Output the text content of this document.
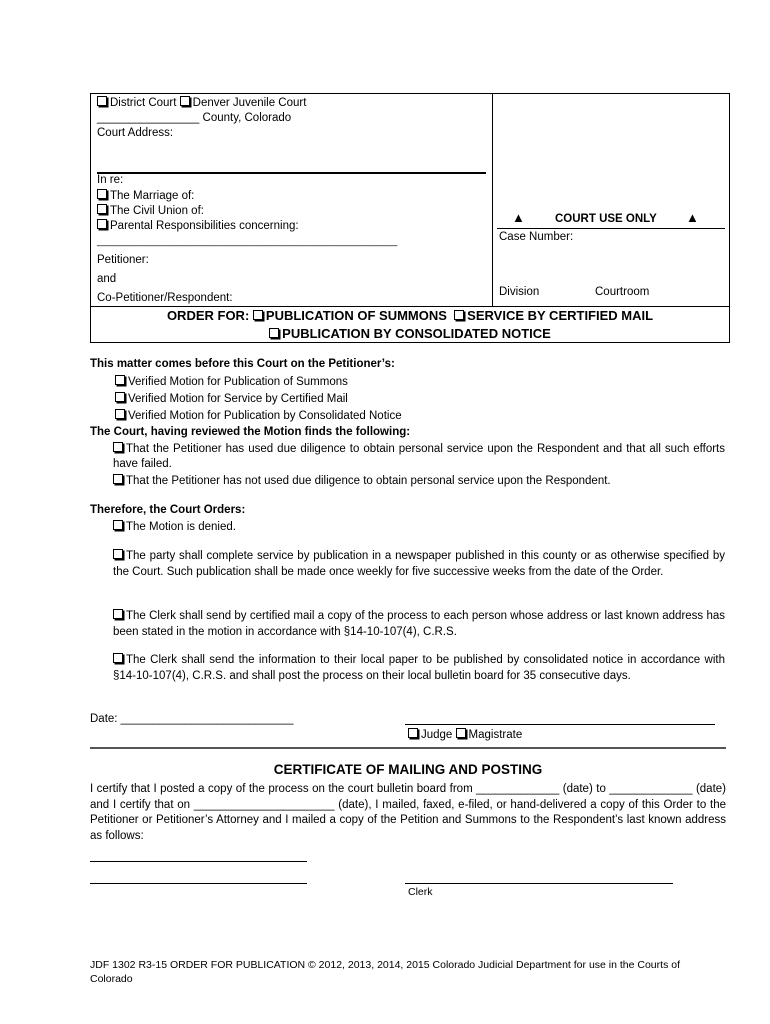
District Court Denver Juvenile Court
________________ County, Colorado
Court Address:
In re:
The Marriage of:
The Civil Union of:
Parental Responsibilities concerning:
______________________________________________________
Petitioner:
and
Co-Petitioner/Respondent:
▲	COURT USE ONLY ▲
Case Number:
Division	Courtroom
ORDER FOR: PUBLICATION OF SUMMONS SERVICE BY CERTIFIED MAIL
PUBLICATION BY CONSOLIDATED NOTICE
This matter comes before this Court on the Petitioner’s:
Verified Motion for Publication of Summons
Verified Motion for Service by Certified Mail
Verified Motion for Publication by Consolidated Notice
The Court, having reviewed the Motion finds the following:
That the Petitioner has used due diligence to obtain personal service upon the Respondent and that all such efforts have failed.
That the Petitioner has not used due diligence to obtain personal service upon the Respondent.
Therefore, the Court Orders:
The Motion is denied.
The party shall complete service by publication in a newspaper published in this county or as otherwise specified by the Court. Such publication shall be made once weekly for five successive weeks from the date of the Order.
The Clerk shall send by certified mail a copy of the process to each person whose address or last known address has been stated in the motion in accordance with §14-10-107(4), C.R.S.
The Clerk shall send the information to their local paper to be published by consolidated notice in accordance with §14-10-107(4), C.R.S. and shall post the process on their local bulletin board for 35 consecutive days.
Date: ___________________________
Judge Magistrate
CERTIFICATE OF MAILING AND POSTING
I certify that I posted a copy of the process on the court bulletin board from _____________ (date) to _____________ (date) and I certify that on ______________________ (date), I mailed, faxed, e-filed, or hand-delivered a copy of this Order to the Petitioner or Petitioner’s Attorney and I mailed a copy of the Petition and Summons to the Respondent’s last known address as follows:
Clerk
JDF 1302 R3-15 ORDER FOR PUBLICATION © 2012, 2013, 2014, 2015 Colorado Judicial Department for use in the Courts of Colorado
